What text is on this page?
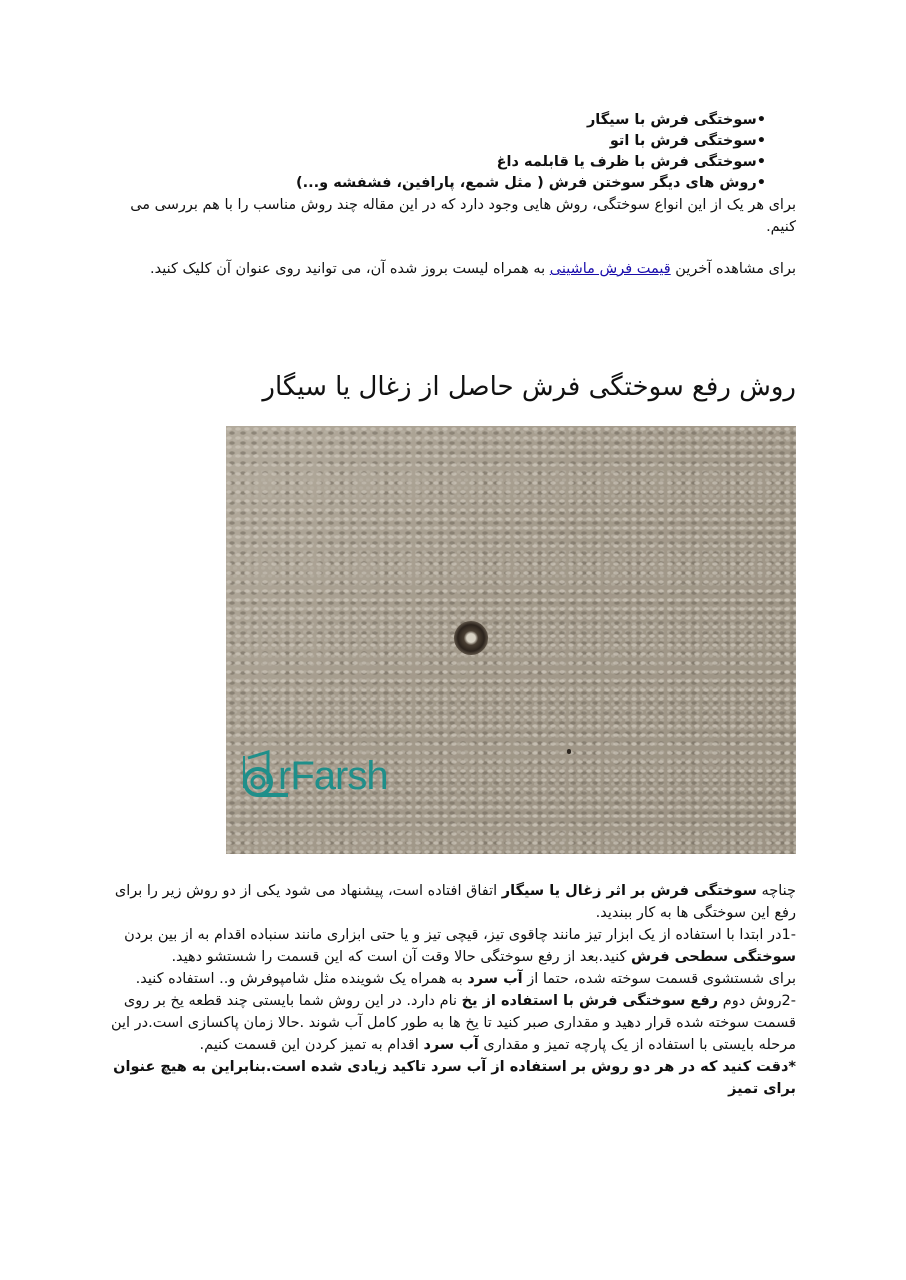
•سوختگی فرش با سیگار
•سوختگی فرش با اتو
•سوختگی فرش با ظرف یا قابلمه داغ
•روش های دیگر سوختن فرش ( مثل شمع، پارافین، فشفشه و...)

برای هر یک از این انواع سوختگی، روش هایی وجود دارد که در این مقاله چند روش مناسب را با هم بررسی می کنیم.

برای مشاهده آخرین قیمت فرش ماشینی به همراه لیست بروز شده آن، می توانید روی عنوان آن کلیک کنید.

روش رفع سوختگی فرش حاصل از زغال یا سیگار
rFarsh

چناچه سوختگی فرش بر اثر زغال یا سیگار اتفاق افتاده است، پیشنهاد می شود یکی از دو روش زیر را برای رفع این سوختگی ها به کار ببندید.

-1در ابتدا با استفاده از یک ابزار تیز مانند چاقوی تیز، قیچی تیز و یا حتی ابزاری مانند سنباده اقدام به از بین بردن سوختگی سطحی فرش کنید.بعد از رفع سوختگی حالا وقت آن است که این قسمت را شستشو دهید.

برای شستشوی قسمت سوخته شده، حتما از آب سرد به همراه یک شوینده مثل شامپوفرش و.. استفاده کنید.

-2روش دوم رفع سوختگی فرش با استفاده از یخ نام دارد. در این روش شما بایستی چند قطعه یخ بر روی قسمت سوخته شده قرار دهید و مقداری صبر کنید تا یخ ها به طور کامل آب شوند .حالا زمان پاکسازی است.در این مرحله بایستی با استفاده از یک پارچه تمیز و مقداری آب سرد اقدام به تمیز کردن این قسمت کنیم.

*دقت کنید که در هر دو روش بر استفاده از آب سرد تاکید زیادی شده است.بنابراین به هیچ عنوان برای تمیز
